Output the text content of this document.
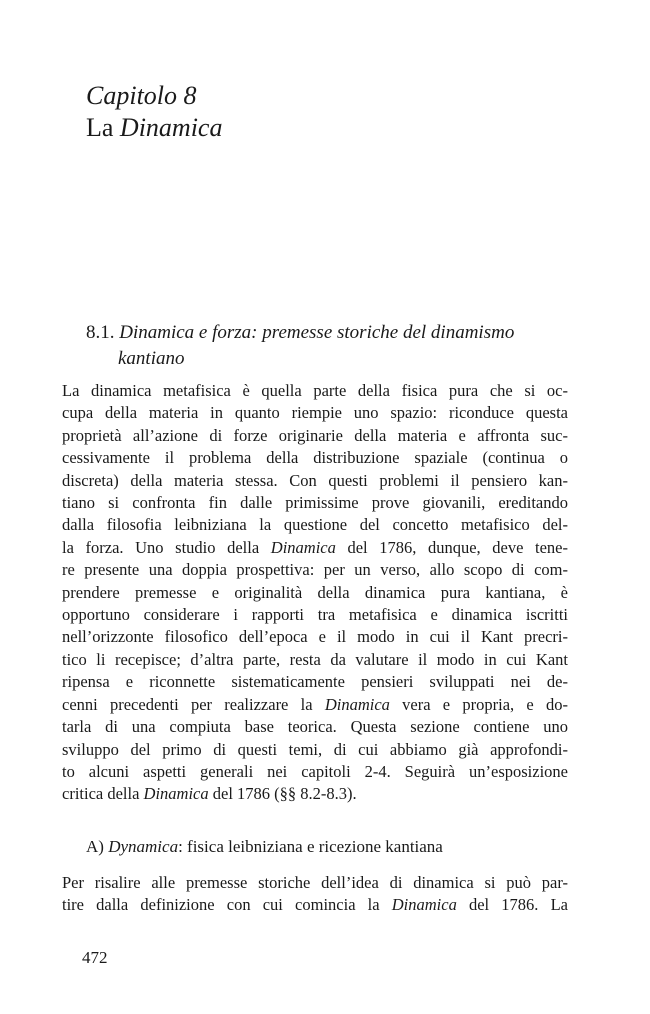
Capitolo 8
La Dinamica
8.1. Dinamica e forza: premesse storiche del dinamismo
kantiano
La dinamica metafisica è quella parte della fisica pura che si oc-
cupa della materia in quanto riempie uno spazio: riconduce questa
proprietà all’azione di forze originarie della materia e affronta suc-
cessivamente il problema della distribuzione spaziale (continua o
discreta) della materia stessa. Con questi problemi il pensiero kan-
tiano si confronta fin dalle primissime prove giovanili, ereditando
dalla filosofia leibniziana la questione del concetto metafisico del-
la forza. Uno studio della Dinamica del 1786, dunque, deve tene-
re presente una doppia prospettiva: per un verso, allo scopo di com-
prendere premesse e originalità della dinamica pura kantiana, è
opportuno considerare i rapporti tra metafisica e dinamica iscritti
nell’orizzonte filosofico dell’epoca e il modo in cui il Kant precri-
tico li recepisce; d’altra parte, resta da valutare il modo in cui Kant
ripensa e riconnette sistematicamente pensieri sviluppati nei de-
cenni precedenti per realizzare la Dinamica vera e propria, e do-
tarla di una compiuta base teorica. Questa sezione contiene uno
sviluppo del primo di questi temi, di cui abbiamo già approfondi-
to alcuni aspetti generali nei capitoli 2-4. Seguirà un’esposizione
critica della Dinamica del 1786 (§§ 8.2-8.3).
A) Dynamica: fisica leibniziana e ricezione kantiana
Per risalire alle premesse storiche dell’idea di dinamica si può par-
tire dalla definizione con cui comincia la Dinamica del 1786. La
472
